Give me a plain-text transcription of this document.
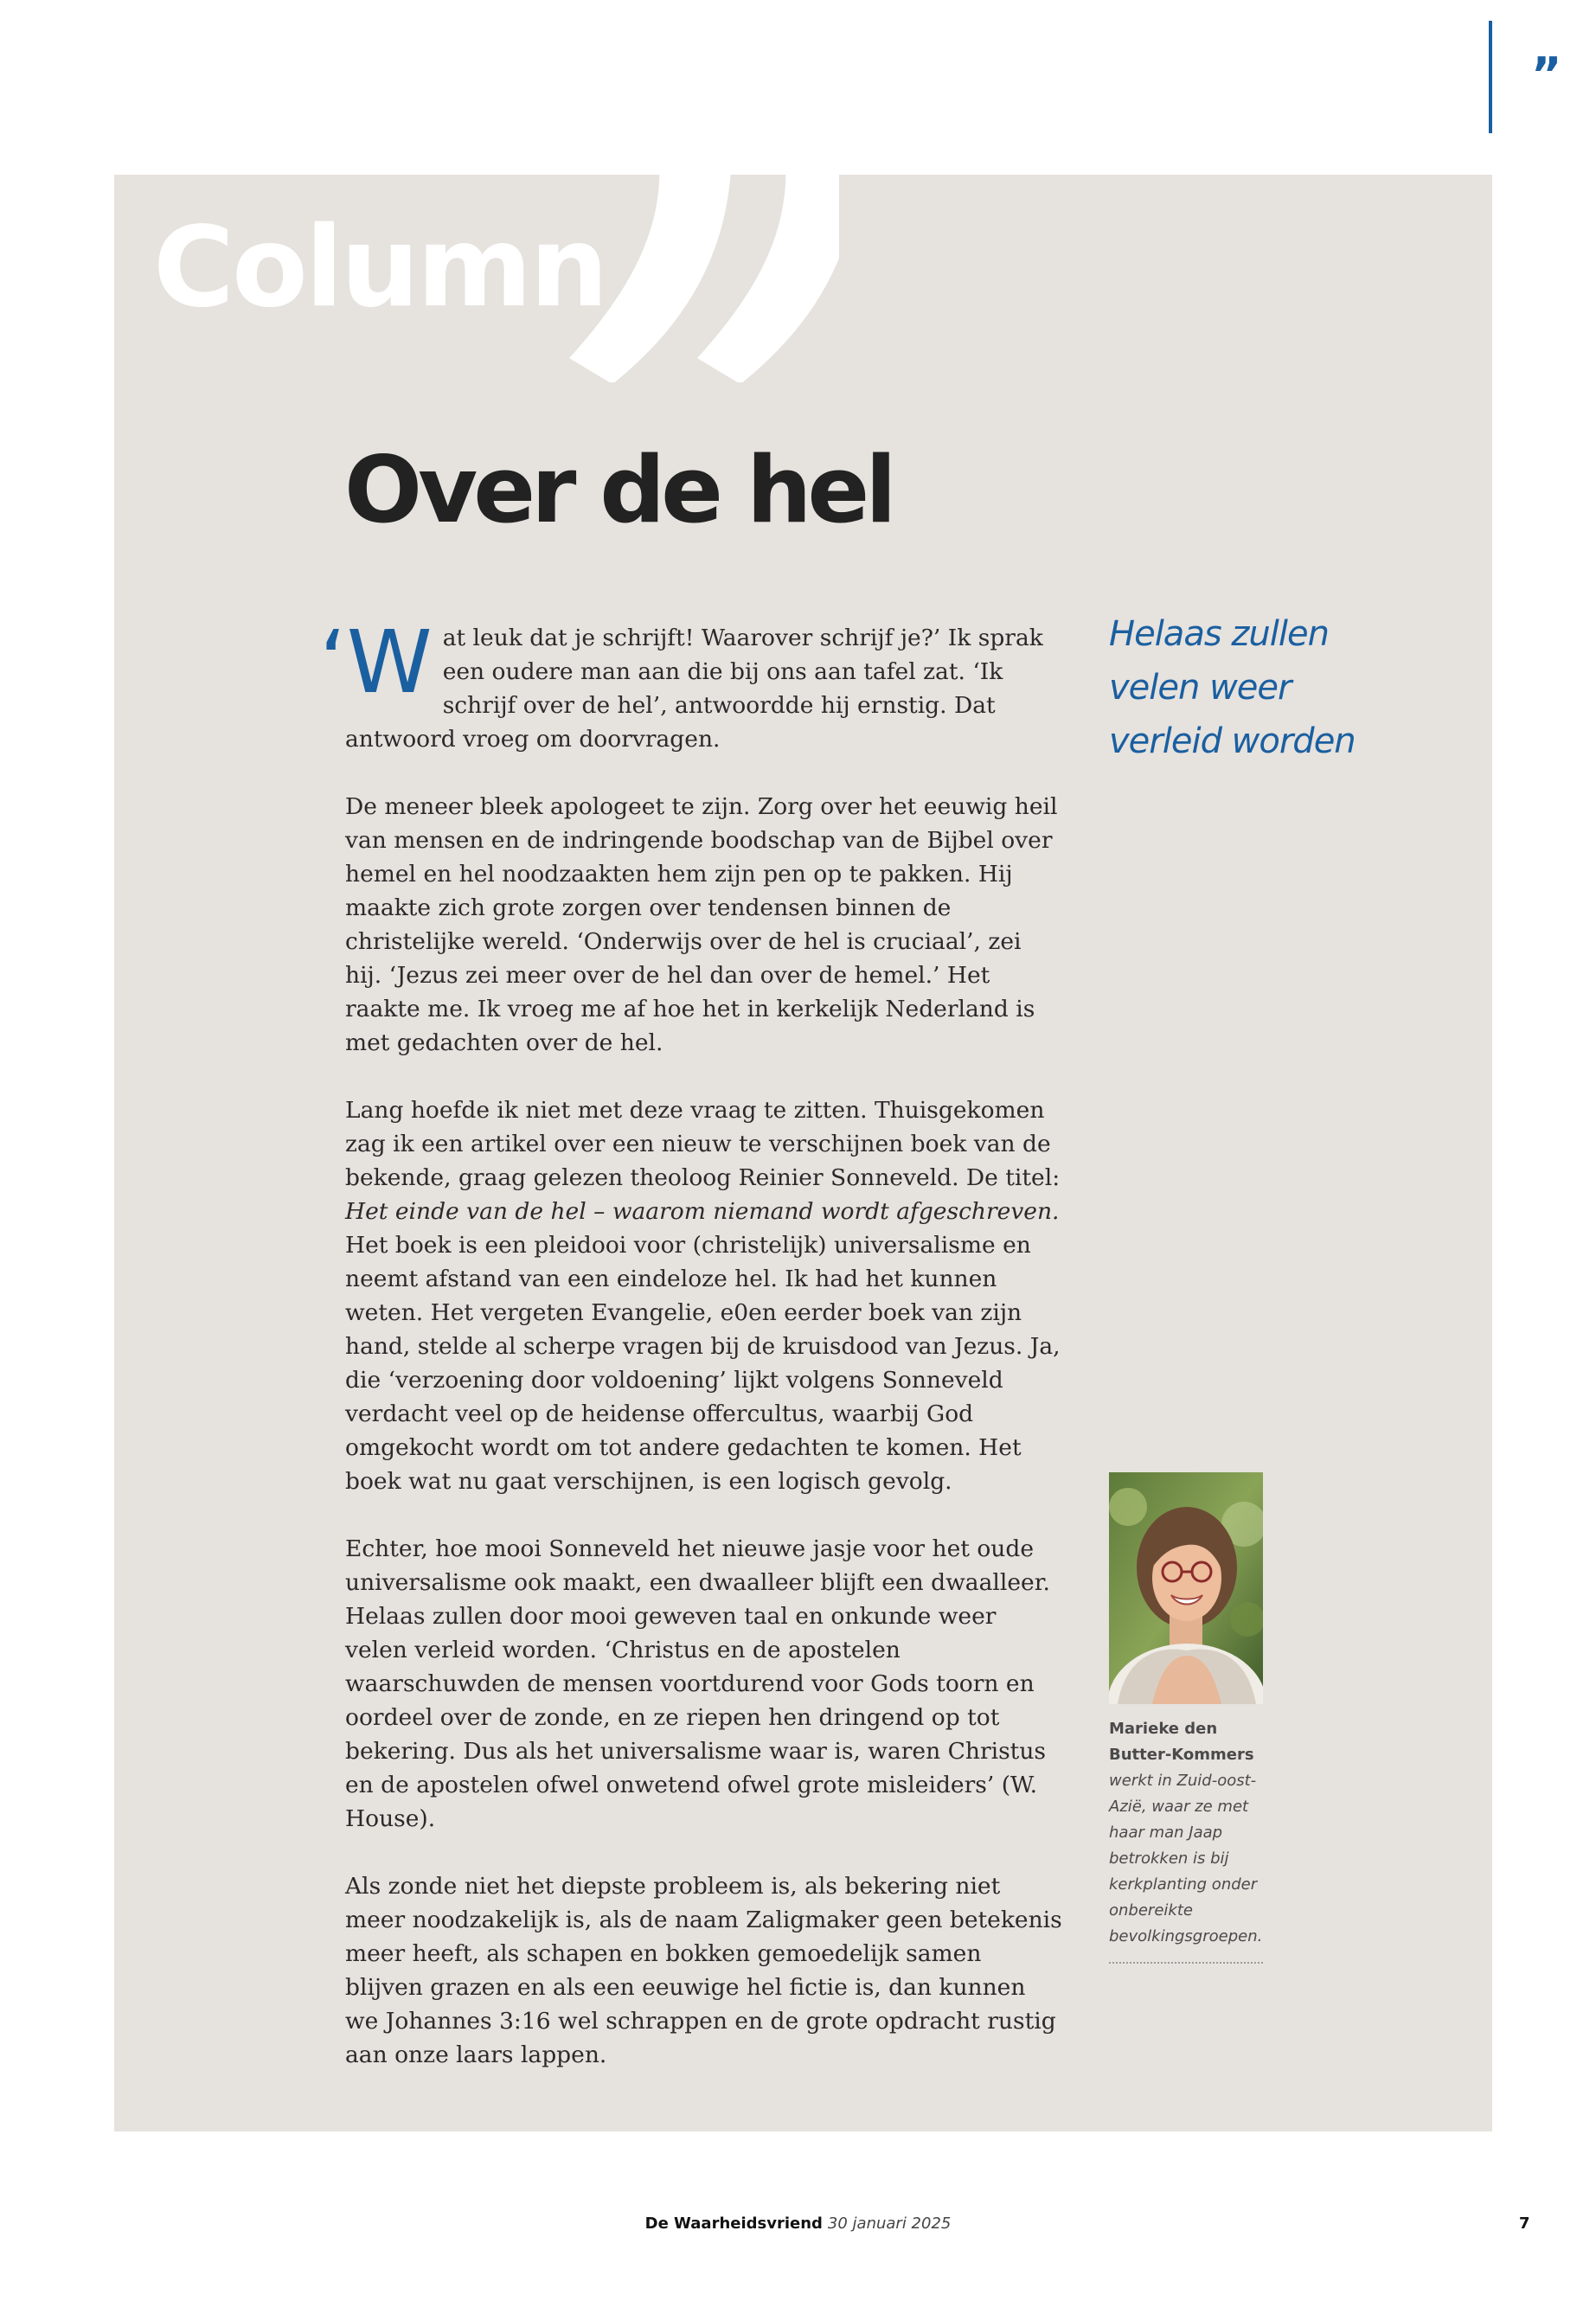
”
Column
Over de hel

‘W at leuk dat je schrijft! Waarover schrijf je?’ Ik sprak een oudere man aan die bij ons aan tafel zat. ‘Ik schrijf over de hel’, antwoordde hij ernstig. Dat antwoord vroeg om doorvragen.

De meneer bleek apologeet te zijn. Zorg over het eeuwig heil van mensen en de indringende boodschap van de Bijbel over hemel en hel noodzaakten hem zijn pen op te pakken. Hij maakte zich grote zorgen over tendensen binnen de christelijke wereld. ‘Onderwijs over de hel is cruciaal’, zei hij. ‘Jezus zei meer over de hel dan over de hemel.’ Het raakte me. Ik vroeg me af hoe het in kerkelijk Nederland is met gedachten over de hel.

Lang hoefde ik niet met deze vraag te zitten. Thuisgekomen zag ik een artikel over een nieuw te verschijnen boek van de bekende, graag gelezen theoloog Reinier Sonneveld. De titel:
Het einde van de hel – waarom niemand wordt afgeschreven.
Het boek is een pleidooi voor (christelijk) universalisme en neemt afstand van een eindeloze hel. Ik had het kunnen weten. Het vergeten Evangelie, e0en eerder boek van zijn hand, stelde al scherpe vragen bij de kruisdood van Jezus. Ja, die ‘verzoening door voldoening’ lijkt volgens Sonneveld verdacht veel op de heidense offercultus, waarbij God omgekocht wordt om tot andere gedachten te komen. Het boek wat nu gaat verschijnen, is een logisch gevolg.

Echter, hoe mooi Sonneveld het nieuwe jasje voor het oude universalisme ook maakt, een dwaalleer blijft een dwaalleer. Helaas zullen door mooi geweven taal en onkunde weer velen verleid worden. ‘Christus en de apostelen waarschuwden de mensen voortdurend voor Gods toorn en oordeel over de zonde, en ze riepen hen dringend op tot bekering. Dus als het universalisme waar is, waren Christus en de apostelen ofwel onwetend ofwel grote misleiders’ (W. House).

Als zonde niet het diepste probleem is, als bekering niet meer noodzakelijk is, als de naam Zaligmaker geen betekenis meer heeft, als schapen en bokken gemoedelijk samen blijven grazen en als een eeuwige hel fictie is, dan kunnen we Johannes 3:16 wel schrappen en de grote opdracht rustig aan onze laars lappen.

Helaas zullen velen weer verleid worden
Marieke den Butter-Kommers
werkt in Zuid-oost-Azië, waar ze met haar man Jaap betrokken is bij kerkplanting onder onbereikte bevolkingsgroepen.
De Waarheidsvriend 30 januari 2025	7
